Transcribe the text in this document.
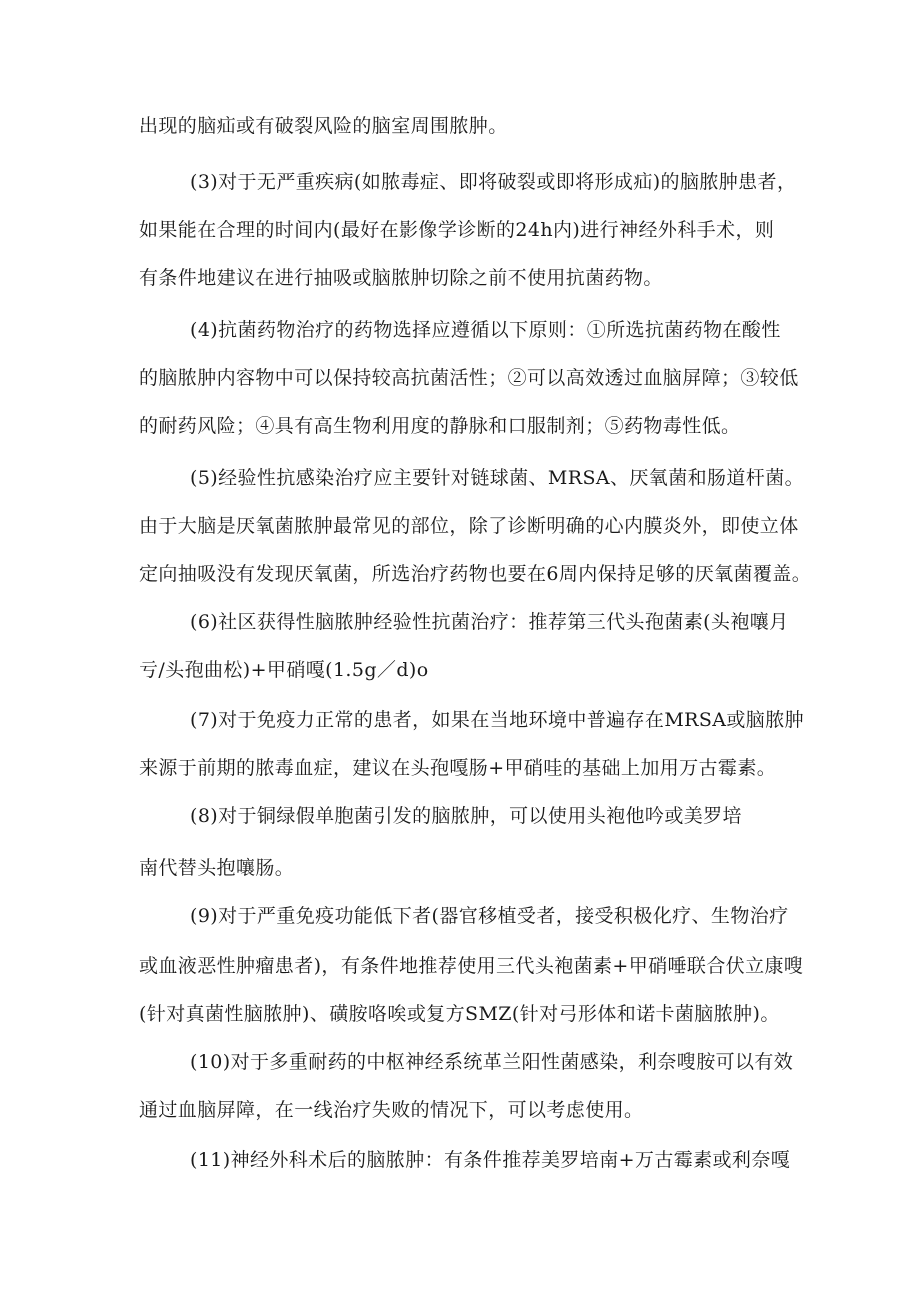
出现的脑疝或有破裂风险的脑室周围脓肿。
(3)对于无严重疾病(如脓毒症、即将破裂或即将形成疝)的脑脓肿患者，
如果能在合理的时间内(最好在影像学诊断的24h内)进行神经外科手术，则
有条件地建议在进行抽吸或脑脓肿切除之前不使用抗菌药物。
(4)抗菌药物治疗的药物选择应遵循以下原则：①所选抗菌药物在酸性
的脑脓肿内容物中可以保持较高抗菌活性；②可以高效透过血脑屏障；③较低
的耐药风险；④具有高生物利用度的静脉和口服制剂；⑤药物毒性低。
(5)经验性抗感染治疗应主要针对链球菌、MRSA、厌氧菌和肠道杆菌。
由于大脑是厌氧菌脓肿最常见的部位，除了诊断明确的心内膜炎外，即使立体
定向抽吸没有发现厌氧菌，所选治疗药物也要在6周内保持足够的厌氧菌覆盖。
(6)社区获得性脑脓肿经验性抗菌治疗：推荐第三代头孢菌素(头袍嚷月
亏/头孢曲松)+甲硝嘎(1.5g／d)o
(7)对于免疫力正常的患者，如果在当地环境中普遍存在MRSA或脑脓肿
来源于前期的脓毒血症，建议在头孢嘎肠+甲硝哇的基础上加用万古霉素。
(8)对于铜绿假单胞菌引发的脑脓肿，可以使用头袍他吟或美罗培
南代替头抱嚷肠。
(9)对于严重免疫功能低下者(器官移植受者，接受积极化疗、生物治疗
或血液恶性肿瘤患者)，有条件地推荐使用三代头袍菌素+甲硝唾联合伏立康嗖
(针对真菌性脑脓肿)、磺胺咯唉或复方SMZ(针对弓形体和诺卡菌脑脓肿)。
(10)对于多重耐药的中枢神经系统革兰阳性菌感染，利奈嗖胺可以有效
通过血脑屏障，在一线治疗失败的情况下，可以考虑使用。
(11)神经外科术后的脑脓肿：有条件推荐美罗培南+万古霉素或利奈嘎
